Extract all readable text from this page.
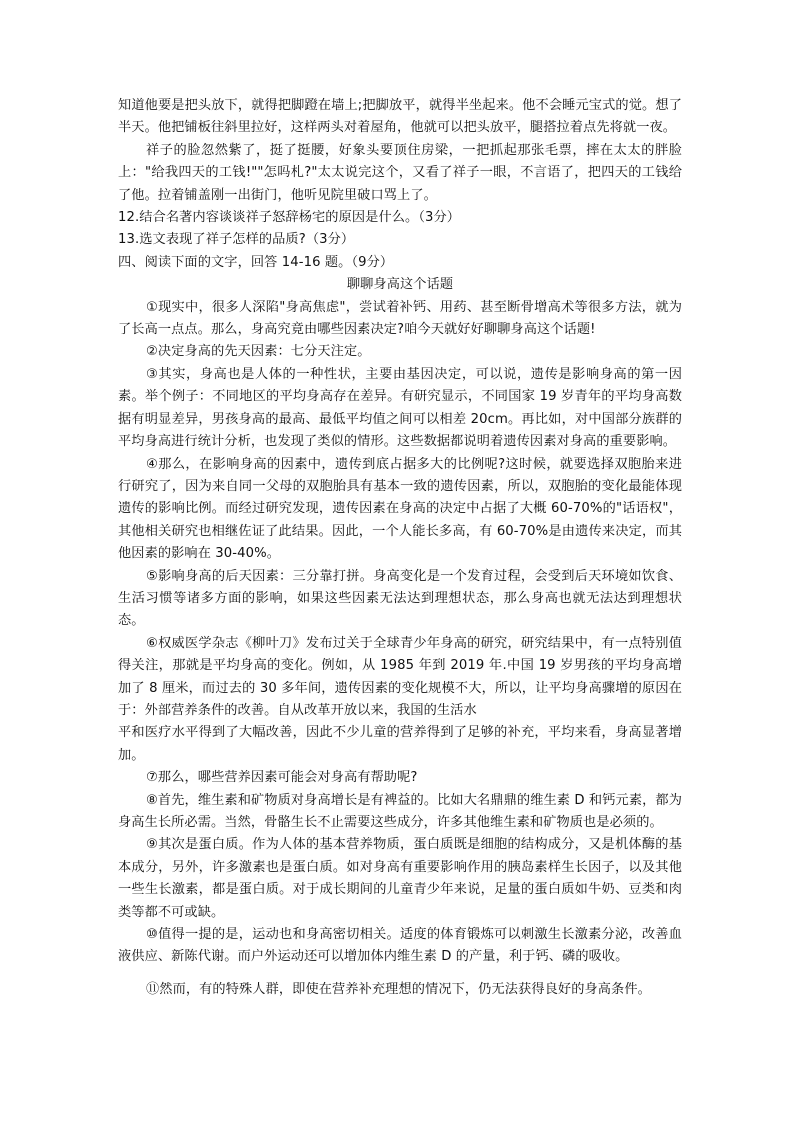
知道他要是把头放下，就得把脚蹬在墙上;把脚放平，就得半坐起来。他不会睡元宝式的觉。想了半天。他把铺板往斜里拉好，这样两头对着屋角，他就可以把头放平，腿搭拉着点先将就一夜。

祥子的脸忽然紫了，挺了挺腰，好象头要顶住房梁，一把抓起那张毛票，摔在太太的胖脸上："给我四天的工钱!""怎吗札?"太太说完这个，又看了祥子一眼，不言语了，把四天的工钱给了他。拉着铺盖刚一出街门，他听见院里破口骂上了。

12.结合名著内容谈谈祥子怒辞杨宅的原因是什么。（3分）

13.选文表现了祥子怎样的品质?（3分）

四、阅读下面的文字，回答 14-16 题。（9分）

聊聊身高这个话题

①现实中，很多人深陷"身高焦虑"，尝试着补钙、用药、甚至断骨增高术等很多方法，就为了长高一点点。那么，身高究竟由哪些因素决定?咱今天就好好聊聊身高这个话题!

②决定身高的先天因素：七分天注定。

③其实，身高也是人体的一种性状，主要由基因决定，可以说，遗传是影响身高的第一因素。举个例子：不同地区的平均身高存在差异。有研究显示，不同国家 19 岁青年的平均身高数据有明显差异，男孩身高的最高、最低平均值之间可以相差 20cm。再比如，对中国部分族群的平均身高进行统计分析，也发现了类似的情形。这些数据都说明着遗传因素对身高的重要影响。

④那么，在影响身高的因素中，遗传到底占据多大的比例呢?这时候，就要选择双胞胎来进行研究了，因为来自同一父母的双胞胎具有基本一致的遗传因素，所以，双胞胎的变化最能体现遗传的影响比例。而经过研究发现，遗传因素在身高的决定中占据了大概 60-70%的"话语权"，其他相关研究也相继佐证了此结果。因此，一个人能长多高，有 60-70%是由遗传来决定，而其他因素的影响在 30-40%。

⑤影响身高的后天因素：三分靠打拼。身高变化是一个发育过程，会受到后天环境如饮食、生活习惯等诸多方面的影响，如果这些因素无法达到理想状态，那么身高也就无法达到理想状态。

⑥权威医学杂志《柳叶刀》发布过关于全球青少年身高的研究，研究结果中，有一点特别值得关注，那就是平均身高的变化。例如，从 1985 年到 2019 年.中国 19 岁男孩的平均身高增加了 8 厘米，而过去的 30 多年间，遗传因素的变化规模不大，所以，让平均身高骤增的原因在于：外部营养条件的改善。自从改革开放以来，我国的生活水

平和医疗水平得到了大幅改善，因此不少儿童的营养得到了足够的补充，平均来看，身高显著增加。

⑦那么，哪些营养因素可能会对身高有帮助呢?

⑧首先，维生素和矿物质对身高增长是有裨益的。比如大名鼎鼎的维生素 D 和钙元素，都为身高生长所必需。当然，骨骼生长不止需要这些成分，许多其他维生素和矿物质也是必须的。

⑨其次是蛋白质。作为人体的基本营养物质，蛋白质既是细胞的结构成分，又是机体酶的基本成分，另外，许多激素也是蛋白质。如对身高有重要影响作用的胰岛素样生长因子，以及其他一些生长激素，都是蛋白质。对于成长期间的儿童青少年来说，足量的蛋白质如牛奶、豆类和肉类等都不可或缺。

⑩值得一提的是，运动也和身高密切相关。适度的体育锻炼可以刺激生长激素分泌，改善血液供应、新陈代谢。而户外运动还可以增加体内维生素 D 的产量，利于钙、磷的吸收。

⑪然而，有的特殊人群，即使在营养补充理想的情况下，仍无法获得良好的身高条件。
